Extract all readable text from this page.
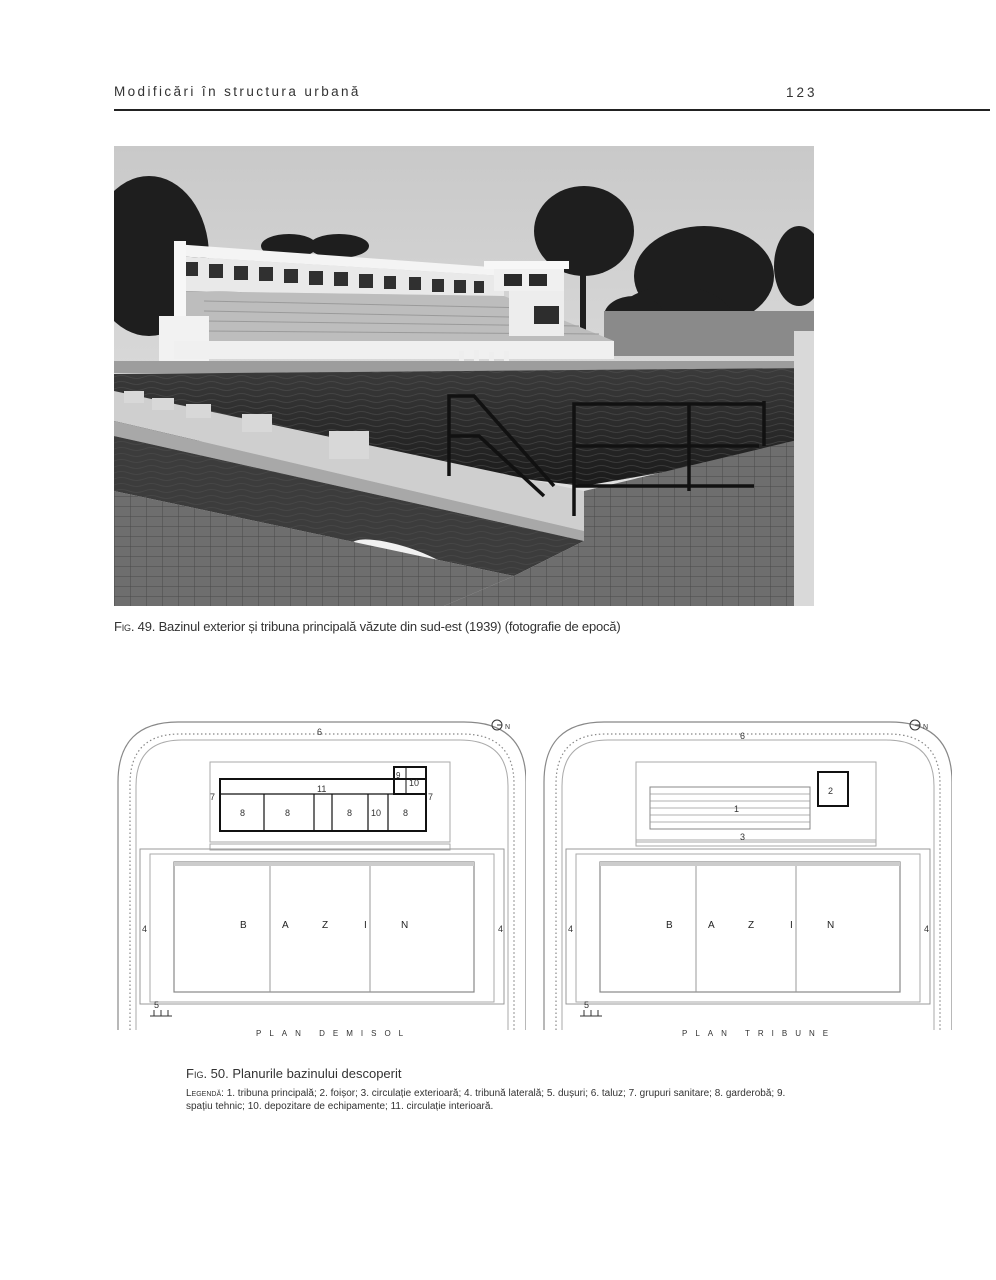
Modificări în structura urbană	123
Fig. 49. Bazinul exterior și tribuna principală văzute din sud-est (1939) (fotografie de epocă)
6	N
8	8	8 10 8
11
7	7
10
9
B	A	Z	I	N
4	4
5
PLAN DEMISOL
6
N
1
2
3
B	A	Z	I	N
4	4
5
PLAN TRIBUNE
Fig. 50. Planurile bazinului descoperit
Legendă: 1. tribuna principală; 2. foișor; 3. circulație exterioară; 4. tribună laterală; 5. dușuri; 6. taluz; 7. grupuri sanitare; 8. garderobă; 9. spațiu tehnic; 10. depozitare de echipamente; 11. circulație interioară.
